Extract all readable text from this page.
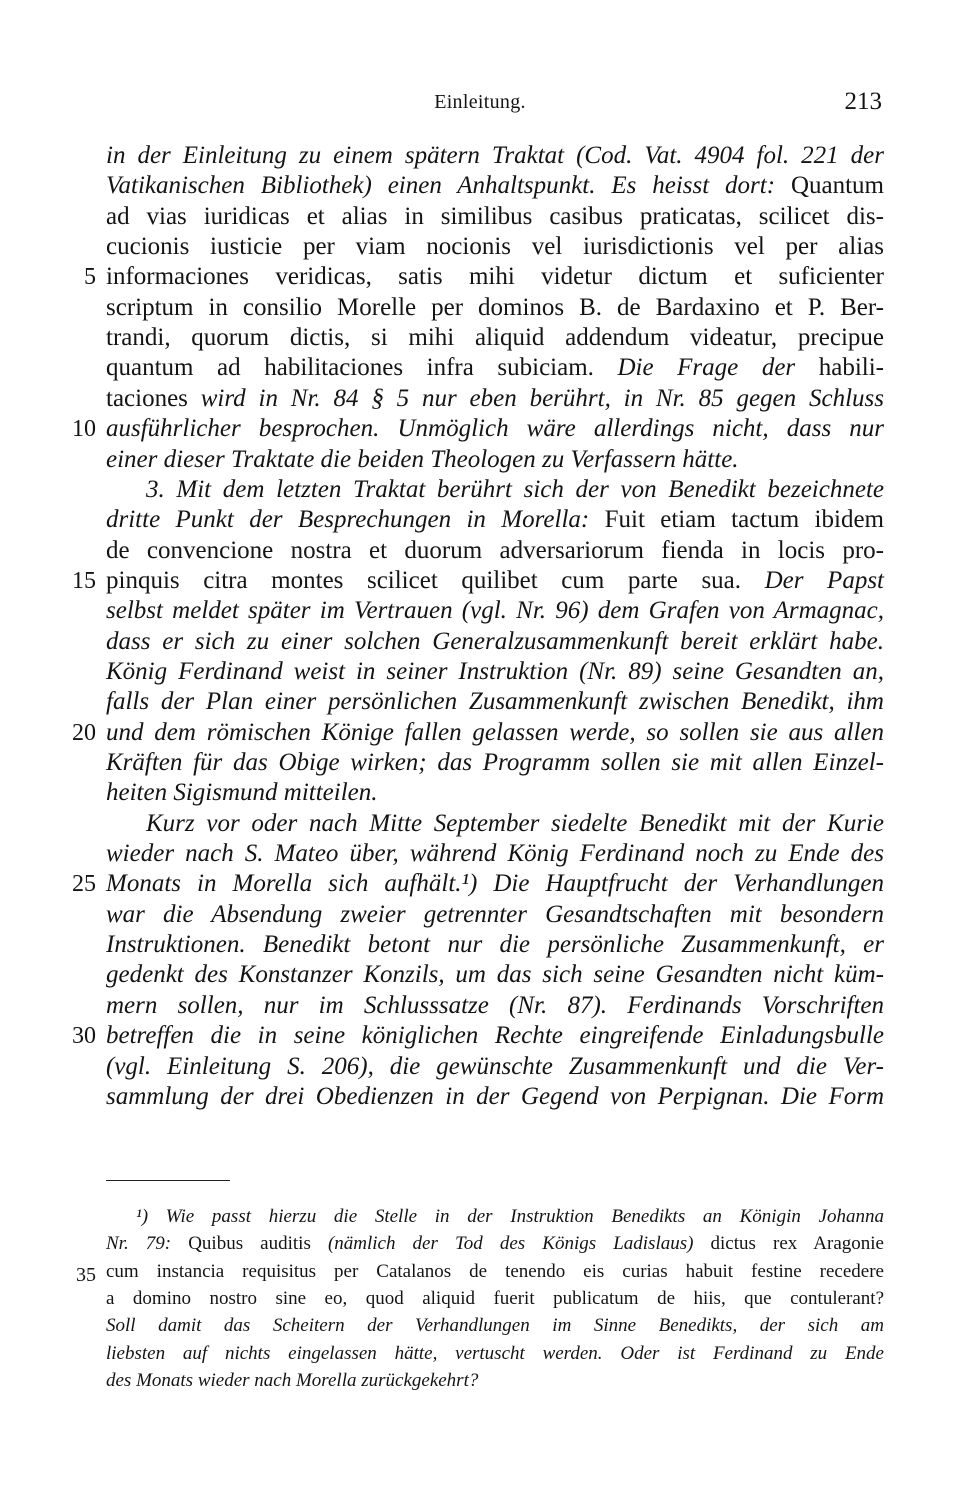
Einleitung.	213
in der Einleitung zu einem spätern Traktat (Cod. Vat. 4904 fol. 221 der
Vatikanischen Bibliothek) einen Anhaltspunkt. Es heisst dort: Quantum
ad vias iuridicas et alias in similibus casibus praticatas, scilicet dis-
cucionis iusticie per viam nocionis vel iurisdictionis vel per alias
informaciones veridicas, satis mihi videtur dictum et suficienter
5
scriptum in consilio Morelle per dominos B. de Bardaxino et P. Ber-
trandi, quorum dictis, si mihi aliquid addendum videatur, precipue
quantum ad habilitaciones infra subiciam. Die Frage der habili-
taciones wird in Nr. 84 § 5 nur eben berührt, in Nr. 85 gegen Schluss
ausführlicher besprochen. Unmöglich wäre allerdings nicht, dass nur
10
einer dieser Traktate die beiden Theologen zu Verfassern hätte.
3. Mit dem letzten Traktat berührt sich der von Benedikt bezeichnete
dritte Punkt der Besprechungen in Morella: Fuit etiam tactum ibidem
de convencione nostra et duorum adversariorum fienda in locis pro-
pinquis citra montes scilicet quilibet cum parte sua. Der Papst
15
selbst meldet später im Vertrauen (vgl. Nr. 96) dem Grafen von Armagnac,
dass er sich zu einer solchen Generalzusammenkunft bereit erklärt habe.
König Ferdinand weist in seiner Instruktion (Nr. 89) seine Gesandten an,
falls der Plan einer persönlichen Zusammenkunft zwischen Benedikt, ihm
und dem römischen Könige fallen gelassen werde, so sollen sie aus allen
20
Kräften für das Obige wirken; das Programm sollen sie mit allen Einzel-
heiten Sigismund mitteilen.
Kurz vor oder nach Mitte September siedelte Benedikt mit der Kurie
wieder nach S. Mateo über, während König Ferdinand noch zu Ende des
Monats in Morella sich aufhält.¹) Die Hauptfrucht der Verhandlungen
25
war die Absendung zweier getrennter Gesandtschaften mit besondern
Instruktionen. Benedikt betont nur die persönliche Zusammenkunft, er
gedenkt des Konstanzer Konzils, um das sich seine Gesandten nicht küm-
mern sollen, nur im Schlusssatze (Nr. 87). Ferdinands Vorschriften
betreffen die in seine königlichen Rechte eingreifende Einladungsbulle
30
(vgl. Einleitung S. 206), die gewünschte Zusammenkunft und die Ver-
sammlung der drei Obedienzen in der Gegend von Perpignan. Die Form
¹) Wie passt hierzu die Stelle in der Instruktion Benedikts an Königin Johanna
Nr. 79: Quibus auditis (nämlich der Tod des Königs Ladislaus) dictus rex Aragonie
cum instancia requisitus per Catalanos de tenendo eis curias habuit festine recedere
35
a domino nostro sine eo, quod aliquid fuerit publicatum de hiis, que contulerant?
Soll damit das Scheitern der Verhandlungen im Sinne Benedikts, der sich am
liebsten auf nichts eingelassen hätte, vertuscht werden. Oder ist Ferdinand zu Ende
des Monats wieder nach Morella zurückgekehrt?
